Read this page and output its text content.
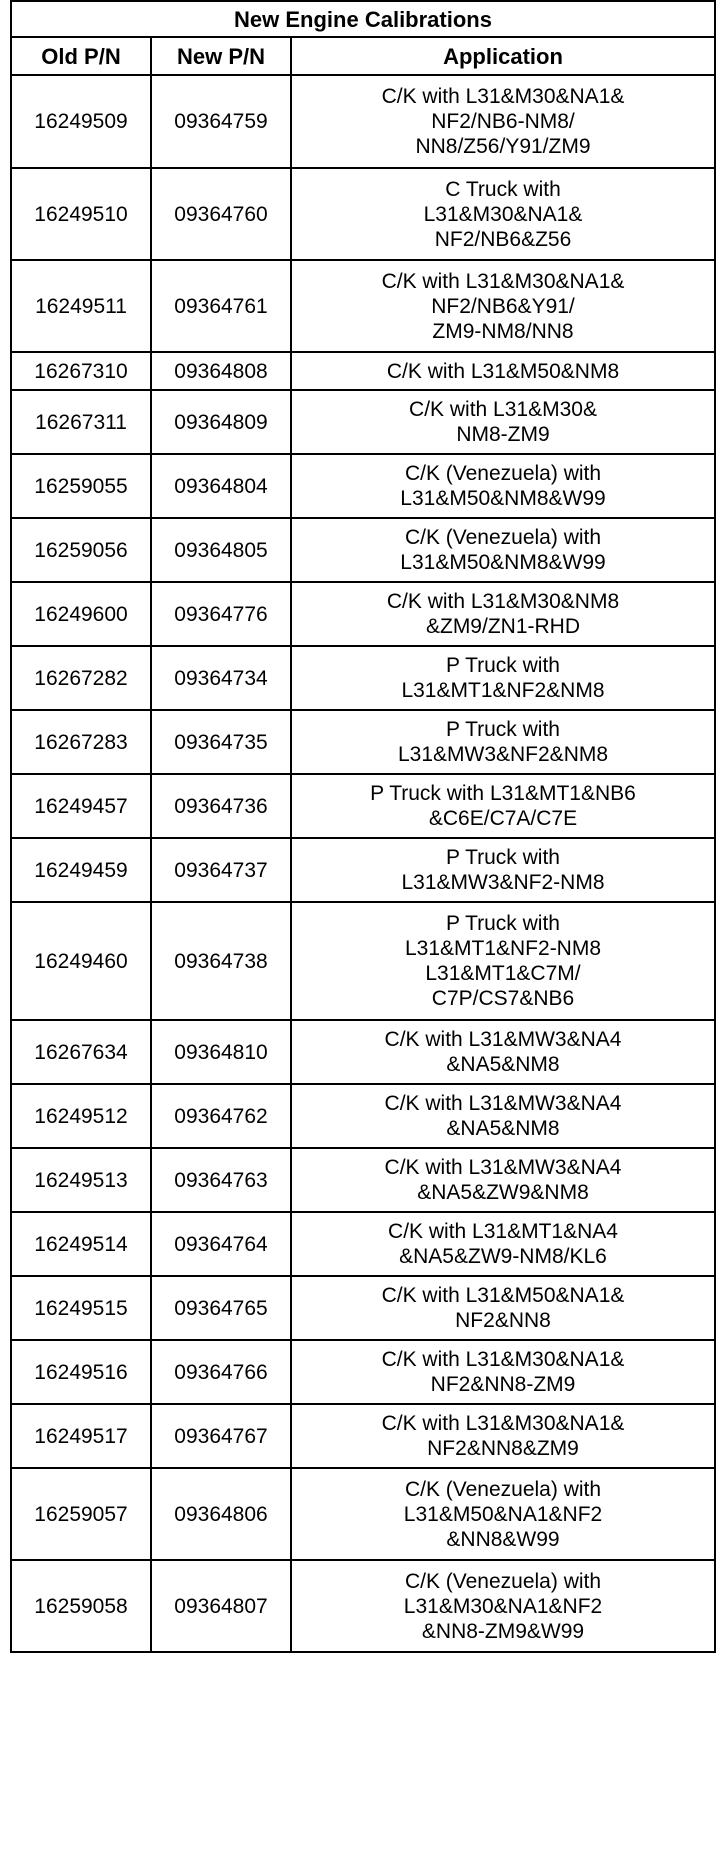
New Engine Calibrations		
Old P/N	New P/N	Application
16249509	09364759	C/K with L31&M30&NA1&
NF2/NB6-NM8/
NN8/Z56/Y91/ZM9

16249510	09364760	C Truck with
L31&M30&NA1&
NF2/NB6&Z56

16249511	09364761	C/K with L31&M30&NA1&
NF2/NB6&Y91/
ZM9-NM8/NN8

16267310	09364808	C/K with L31&M50&NM8

16267311	09364809	C/K with L31&M30&
NM8-ZM9

16259055	09364804	C/K (Venezuela) with
L31&M50&NM8&W99

16259056	09364805	C/K (Venezuela) with
L31&M50&NM8&W99

16249600	09364776	C/K with L31&M30&NM8
&ZM9/ZN1-RHD

16267282	09364734	P Truck with
L31&MT1&NF2&NM8

16267283	09364735	P Truck with
L31&MW3&NF2&NM8

16249457	09364736	P Truck with L31&MT1&NB6
&C6E/C7A/C7E

16249459	09364737	P Truck with
L31&MW3&NF2-NM8

16249460	09364738	P Truck with
L31&MT1&NF2-NM8
L31&MT1&C7M/
C7P/CS7&NB6

16267634	09364810	C/K with L31&MW3&NA4
&NA5&NM8

16249512	09364762	C/K with L31&MW3&NA4
&NA5&NM8

16249513	09364763	C/K with L31&MW3&NA4
&NA5&ZW9&NM8

16249514	09364764	C/K with L31&MT1&NA4
&NA5&ZW9-NM8/KL6

16249515	09364765	C/K with L31&M50&NA1&
NF2&NN8

16249516	09364766	C/K with L31&M30&NA1&
NF2&NN8-ZM9

16249517	09364767	C/K with L31&M30&NA1&
NF2&NN8&ZM9

16259057	09364806	C/K (Venezuela) with
L31&M50&NA1&NF2
&NN8&W99

16259058	09364807	C/K (Venezuela) with
L31&M30&NA1&NF2
&NN8-ZM9&W99
